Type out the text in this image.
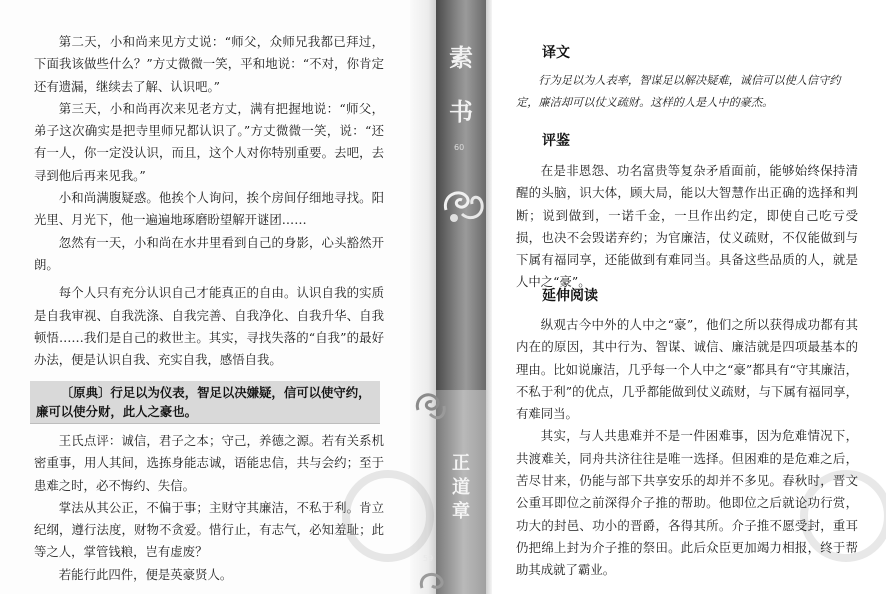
第二天，小和尚来见方丈说：“师父，众师兄我都已拜过，下面我该做些什么？”方丈微微一笑，平和地说：“不对，你肯定还有遗漏，继续去了解、认识吧。”

第三天，小和尚再次来见老方丈，满有把握地说：“师父，弟子这次确实是把寺里师兄都认识了。”方丈微微一笑，说：“还有一人，你一定没认识，而且，这个人对你特别重要。去吧，去寻到他后再来见我。”

小和尚满腹疑惑。他挨个人询问，挨个房间仔细地寻找。阳光里、月光下，他一遍遍地琢磨盼望解开谜团……

忽然有一天，小和尚在水井里看到自己的身影，心头豁然开朗。

每个人只有充分认识自己才能真正的自由。认识自我的实质是自我审视、自我洗涤、自我完善、自我净化、自我升华、自我顿悟……我们是自己的救世主。其实，寻找失落的“自我”的最好办法，便是认识自我、充实自我，感悟自我。

〔原典〕行足以为仪表，智足以决嫌疑，信可以使守约，廉可以使分财，此人之豪也。

王氏点评：诚信，君子之本；守己，养德之源。若有关系机密重事，用人其间，选拣身能志诚，语能忠信，共与会约；至于患难之时，必不悔约、失信。

掌法从其公正，不偏于事；主财守其廉洁，不私于利。肯立纪纲，遵行法度，财物不贪爱。惜行止，有志气，必知羞耻；此等之人，掌管钱粮，岂有虚废？

若能行此四件，便是英豪贤人。

素
书
60
正
道
章
59
译文
行为足以为人表率，智谋足以解决疑难，诚信可以使人信守约定，廉洁却可以仗义疏财。这样的人是人中的豪杰。
评鉴

在是非恩怨、功名富贵等复杂矛盾面前，能够始终保持清醒的头脑，识大体，顾大局，能以大智慧作出正确的选择和判断；说到做到，一诺千金，一旦作出约定，即使自己吃亏受损，也决不会毁诺弃约；为官廉洁，仗义疏财，不仅能做到与下属有福同享，还能做到有难同当。具备这些品质的人，就是人中之“豪”。

延伸阅读

纵观古今中外的人中之“豪”，他们之所以获得成功都有其内在的原因，其中行为、智谋、诚信、廉洁就是四项最基本的理由。比如说廉洁，几乎每一个人中之“豪”都具有“守其廉洁，不私于利”的优点，几乎都能做到仗义疏财，与下属有福同享，有难同当。

其实，与人共患难并不是一件困难事，因为危难情况下，共渡难关，同舟共济往往是唯一选择。但困难的是危难之后，苦尽甘来，仍能与部下共享安乐的却并不多见。春秋时，晋文公重耳即位之前深得介子推的帮助。他即位之后就论功行赏，功大的封邑、功小的晋爵，各得其所。介子推不愿受封，重耳仍把绵上封为介子推的祭田。此后众臣更加竭力相报，终于帮助其成就了霸业。
